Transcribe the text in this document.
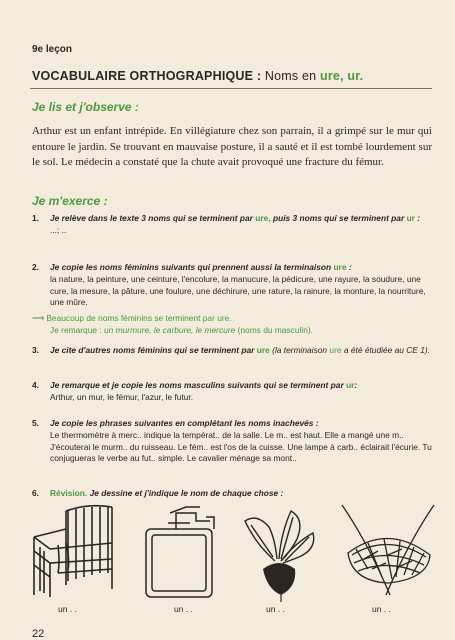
9e leçon
VOCABULAIRE ORTHOGRAPHIQUE : Noms en ure, ur.
Je lis et j'observe :
Arthur est un enfant intrépide. En villégiature chez son parrain, il a grimpé sur le mur qui entoure le jardin. Se trouvant en mauvaise posture, il a sauté et il est tombé lourdement sur le sol. Le médecin a constaté que la chute avait provoqué une fracture du fémur.
Je m'exerce :
1. Je relève dans le texte 3 noms qui se terminent par ure, puis 3 noms qui se terminent par ur :
...; ..
2. Je copie les noms féminins suivants qui prennent aussi la terminaison ure :
la nature, la peinture, une ceinture, l'encolure, la manucure, la pédicure, une rayure, la soudure, une cure, la mesure, la pâture, une foulure, une déchirure, une rature, la rainure, la monture, la nourriture, une mûre.
⟶ Beaucoup de noms féminins se terminent par ure.
Je remarque : un murmure, le carbure, le mercure (noms du masculin).
3. Je cite d'autres noms féminins qui se terminent par ure (la terminaison ure a été étudiée au CE 1).
4. Je remarque et je copie les noms masculins suivants qui se terminent par ur:
Arthur, un mur, le fémur, l'azur, le futur.
5. Je copie les phrases suivantes en complétant les noms inachevés :
Le thermomètre à merc.. indique la températ.. de la salle. Le m.. est haut. Elle a mangé une m.. J'écouterai le murm.. du ruisseau. Le fém.. est l'os de la cuisse. Une lampe à carb.. éclairait l'écurie. Tu conjugueras le verbe au fut.. simple. Le cavalier ménage sa mont..
6. Révision. Je dessine et j'indique le nom de chaque chose :
un . .	un . .	un . .	un . .
22
